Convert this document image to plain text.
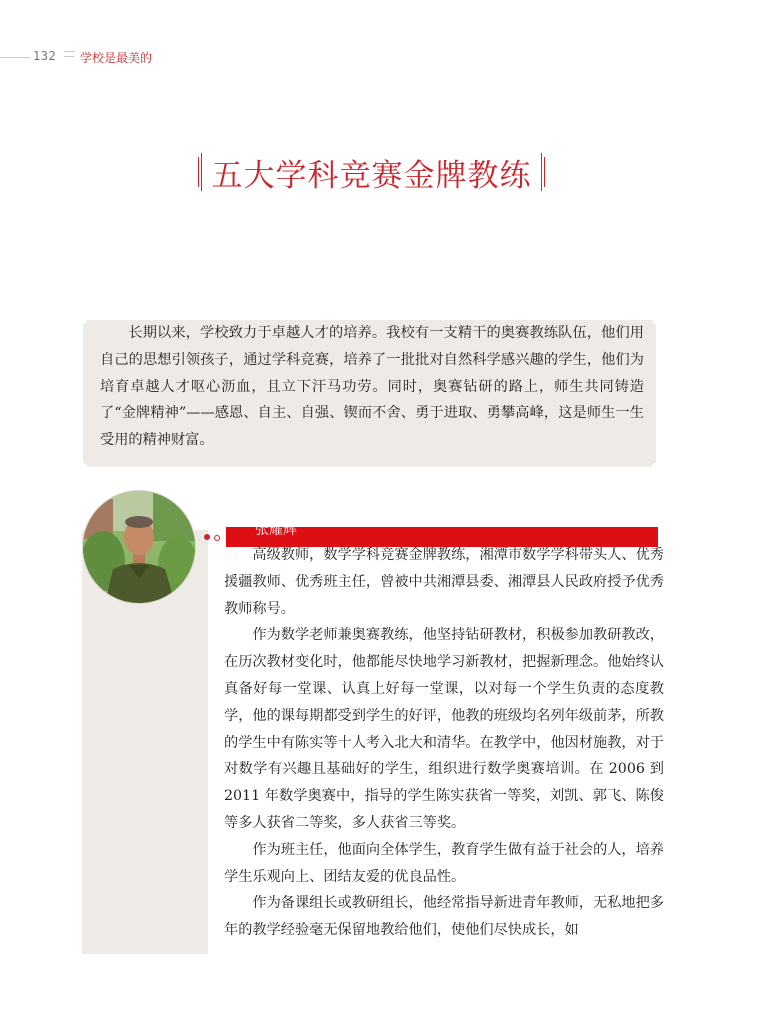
132 学校是最美的
五大学科竞赛金牌教练

长期以来，学校致力于卓越人才的培养。我校有一支精干的奥赛教练队伍，他们用自己的思想引领孩子，通过学科竞赛，培养了一批批对自然科学感兴趣的学生，他们为培育卓越人才呕心沥血，且立下汗马功劳。同时，奥赛钻研的路上，师生共同铸造了“金牌精神”——感恩、自主、自强、锲而不舍、勇于进取、勇攀高峰，这是师生一生受用的精神财富。

张耀辉

高级教师，数学学科竞赛金牌教练，湘潭市数学学科带头人、优秀援疆教师、优秀班主任，曾被中共湘潭县委、湘潭县人民政府授予优秀教师称号。

作为数学老师兼奥赛教练，他坚持钻研教材，积极参加教研教改，在历次教材变化时，他都能尽快地学习新教材，把握新理念。他始终认真备好每一堂课、认真上好每一堂课，以对每一个学生负责的态度教学，他的课每期都受到学生的好评，他教的班级均名列年级前茅，所教的学生中有陈实等十人考入北大和清华。在教学中，他因材施教，对于对数学有兴趣且基础好的学生，组织进行数学奥赛培训。在 2006 到 2011 年数学奥赛中，指导的学生陈实获省一等奖，刘凯、郭飞、陈俊等多人获省二等奖，多人获省三等奖。

作为班主任，他面向全体学生，教育学生做有益于社会的人，培养学生乐观向上、团结友爱的优良品性。

作为备课组长或教研组长，他经常指导新进青年教师，无私地把多年的教学经验毫无保留地教给他们，使他们尽快成长，如
